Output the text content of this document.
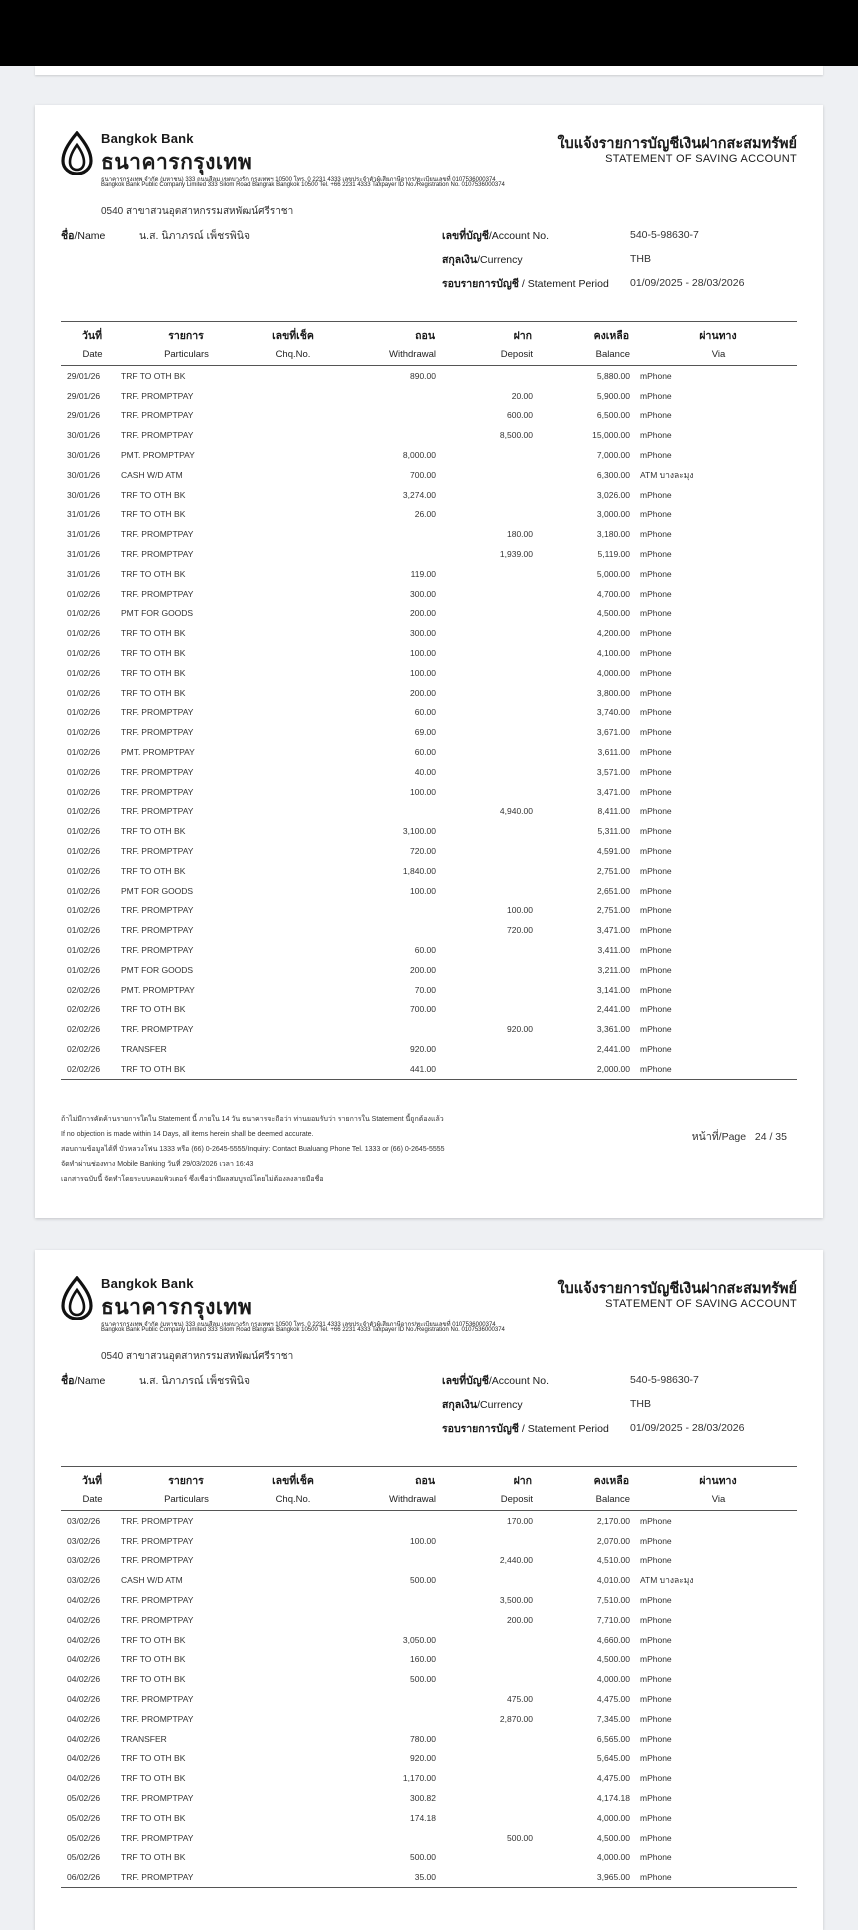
Bangkok Bank
ธนาคารกรุงเทพ
ธนาคารกรุงเทพ จำกัด (มหาชน) 333 ถนนสีลม เขตบางรัก กรุงเทพฯ 10500 โทร. 0 2231 4333 เลขประจำตัวผู้เสียภาษีอากร/ทะเบียนเลขที่ 0107536000374
Bangkok Bank Public Company Limited 333 Silom Road Bangrak Bangkok 10500 Tel. +66 2231 4333 Taxpayer ID No./Registration No. 0107536000374
ใบแจ้งรายการบัญชีเงินฝากสะสมทรัพย์
STATEMENT OF SAVING ACCOUNT
0540 สาขาสวนอุตสาหกรรมสหพัฒน์ศรีราชา
ชื่อ/Name	น.ส. นิภาภรณ์ เพ็ชรพินิจ	เลขที่บัญชี/Account No.	540-5-98630-7
สกุลเงิน/Currency	THB
รอบรายการบัญชี / Statement Period 01/09/2025 - 28/03/2026
วันที่	รายการ	เลขที่เช็ค	ถอน	ฝาก	คงเหลือ	ผ่านทาง
Date	Particulars	Chq.No.	Withdrawal	Deposit	Balance	Via
29/01/26	TRF TO OTH BK		890.00		5,880.00	mPhone
29/01/26	TRF. PROMPTPAY			20.00	5,900.00	mPhone
29/01/26	TRF. PROMPTPAY			600.00	6,500.00	mPhone
30/01/26	TRF. PROMPTPAY			8,500.00	15,000.00	mPhone
30/01/26	PMT. PROMPTPAY		8,000.00		7,000.00	mPhone
30/01/26	CASH W/D ATM		700.00		6,300.00	ATM บางละมุง
30/01/26	TRF TO OTH BK		3,274.00		3,026.00	mPhone
31/01/26	TRF TO OTH BK		26.00		3,000.00	mPhone
31/01/26	TRF. PROMPTPAY			180.00	3,180.00	mPhone
31/01/26	TRF. PROMPTPAY			1,939.00	5,119.00	mPhone
31/01/26	TRF TO OTH BK		119.00		5,000.00	mPhone
01/02/26	TRF. PROMPTPAY		300.00		4,700.00	mPhone
01/02/26	PMT FOR GOODS		200.00		4,500.00	mPhone
01/02/26	TRF TO OTH BK		300.00		4,200.00	mPhone
01/02/26	TRF TO OTH BK		100.00		4,100.00	mPhone
01/02/26	TRF TO OTH BK		100.00		4,000.00	mPhone
01/02/26	TRF TO OTH BK		200.00		3,800.00	mPhone
01/02/26	TRF. PROMPTPAY		60.00		3,740.00	mPhone
01/02/26	TRF. PROMPTPAY		69.00		3,671.00	mPhone
01/02/26	PMT. PROMPTPAY		60.00		3,611.00	mPhone
01/02/26	TRF. PROMPTPAY		40.00		3,571.00	mPhone
01/02/26	TRF. PROMPTPAY		100.00		3,471.00	mPhone
01/02/26	TRF. PROMPTPAY			4,940.00	8,411.00	mPhone
01/02/26	TRF TO OTH BK		3,100.00		5,311.00	mPhone
01/02/26	TRF. PROMPTPAY		720.00		4,591.00	mPhone
01/02/26	TRF TO OTH BK		1,840.00		2,751.00	mPhone
01/02/26	PMT FOR GOODS		100.00		2,651.00	mPhone
01/02/26	TRF. PROMPTPAY			100.00	2,751.00	mPhone
01/02/26	TRF. PROMPTPAY			720.00	3,471.00	mPhone
01/02/26	TRF. PROMPTPAY		60.00		3,411.00	mPhone
01/02/26	PMT FOR GOODS		200.00		3,211.00	mPhone
02/02/26	PMT. PROMPTPAY		70.00		3,141.00	mPhone
02/02/26	TRF TO OTH BK		700.00		2,441.00	mPhone
02/02/26	TRF. PROMPTPAY			920.00	3,361.00	mPhone
02/02/26	TRANSFER		920.00		2,441.00	mPhone
02/02/26	TRF TO OTH BK		441.00		2,000.00	mPhone
ถ้าไม่มีการคัดค้านรายการใดใน Statement นี้ ภายใน 14 วัน ธนาคารจะถือว่า ท่านยอมรับว่า รายการใน Statement นี้ถูกต้องแล้ว
If no objection is made within 14 Days, all items herein shall be deemed accurate.
สอบถามข้อมูลได้ที่ บัวหลวงโฟน 1333 หรือ (66) 0-2645-5555/Inquiry: Contact Bualuang Phone Tel. 1333 or (66) 0-2645-5555
จัดทำผ่านช่องทาง Mobile Banking วันที่ 29/03/2026 เวลา 16:43
เอกสารฉบับนี้ จัดทำโดยระบบคอมพิวเตอร์ ซึ่งเชื่อว่ามีผลสมบูรณ์โดยไม่ต้องลงลายมือชื่อ
หน้าที่/Page 24 / 35
Bangkok Bank
ธนาคารกรุงเทพ
ธนาคารกรุงเทพ จำกัด (มหาชน) 333 ถนนสีลม เขตบางรัก กรุงเทพฯ 10500 โทร. 0 2231 4333 เลขประจำตัวผู้เสียภาษีอากร/ทะเบียนเลขที่ 0107536000374
Bangkok Bank Public Company Limited 333 Silom Road Bangrak Bangkok 10500 Tel. +66 2231 4333 Taxpayer ID No./Registration No. 0107536000374
ใบแจ้งรายการบัญชีเงินฝากสะสมทรัพย์
STATEMENT OF SAVING ACCOUNT
0540 สาขาสวนอุตสาหกรรมสหพัฒน์ศรีราชา
ชื่อ/Name	น.ส. นิภาภรณ์ เพ็ชรพินิจ	เลขที่บัญชี/Account No.	540-5-98630-7
สกุลเงิน/Currency	THB
รอบรายการบัญชี / Statement Period 01/09/2025 - 28/03/2026
วันที่	รายการ	เลขที่เช็ค	ถอน	ฝาก	คงเหลือ	ผ่านทาง
Date	Particulars	Chq.No.	Withdrawal	Deposit	Balance	Via
03/02/26	TRF. PROMPTPAY			170.00	2,170.00	mPhone
03/02/26	TRF. PROMPTPAY		100.00		2,070.00	mPhone
03/02/26	TRF. PROMPTPAY			2,440.00	4,510.00	mPhone
03/02/26	CASH W/D ATM		500.00		4,010.00	ATM บางละมุง
04/02/26	TRF. PROMPTPAY			3,500.00	7,510.00	mPhone
04/02/26	TRF. PROMPTPAY			200.00	7,710.00	mPhone
04/02/26	TRF TO OTH BK		3,050.00		4,660.00	mPhone
04/02/26	TRF TO OTH BK		160.00		4,500.00	mPhone
04/02/26	TRF TO OTH BK		500.00		4,000.00	mPhone
04/02/26	TRF. PROMPTPAY			475.00	4,475.00	mPhone
04/02/26	TRF. PROMPTPAY			2,870.00	7,345.00	mPhone
04/02/26	TRANSFER		780.00		6,565.00	mPhone
04/02/26	TRF TO OTH BK		920.00		5,645.00	mPhone
04/02/26	TRF TO OTH BK		1,170.00		4,475.00	mPhone
05/02/26	TRF. PROMPTPAY		300.82		4,174.18	mPhone
05/02/26	TRF TO OTH BK		174.18		4,000.00	mPhone
05/02/26	TRF. PROMPTPAY			500.00	4,500.00	mPhone
05/02/26	TRF TO OTH BK		500.00		4,000.00	mPhone
06/02/26	TRF. PROMPTPAY		35.00		3,965.00	mPhone
